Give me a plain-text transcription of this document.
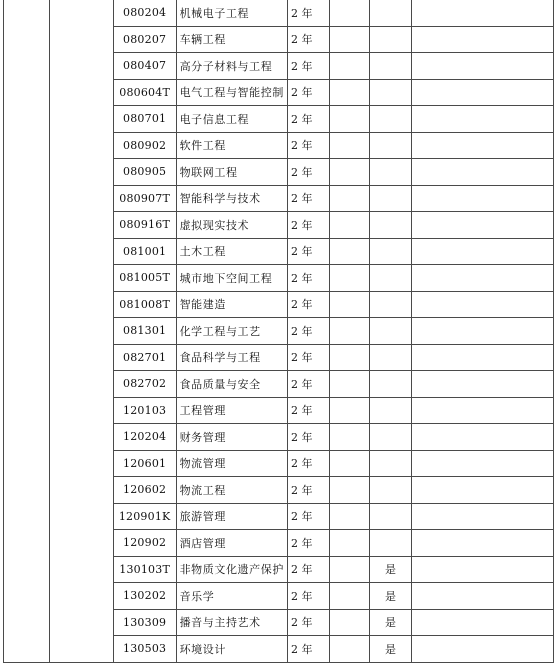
		080204	机械电子工程	2 年			
		080207	车辆工程	2 年			
		080407	高分子材料与工程	2 年			
		080604T	电气工程与智能控制	2 年			
		080701	电子信息工程	2 年			
		080902	软件工程	2 年			
		080905	物联网工程	2 年			
		080907T	智能科学与技术	2 年			
		080916T	虚拟现实技术	2 年			
		081001	土木工程	2 年			
		081005T	城市地下空间工程	2 年			
		081008T	智能建造	2 年			
		081301	化学工程与工艺	2 年			
		082701	食品科学与工程	2 年			
		082702	食品质量与安全	2 年			
		120103	工程管理	2 年			
		120204	财务管理	2 年			
		120601	物流管理	2 年			
		120602	物流工程	2 年			
		120901K	旅游管理	2 年			
		120902	酒店管理	2 年			
		130103T	非物质文化遗产保护	2 年		是	
		130202	音乐学	2 年		是	
		130309	播音与主持艺术	2 年		是	
		130503	环境设计	2 年		是	
